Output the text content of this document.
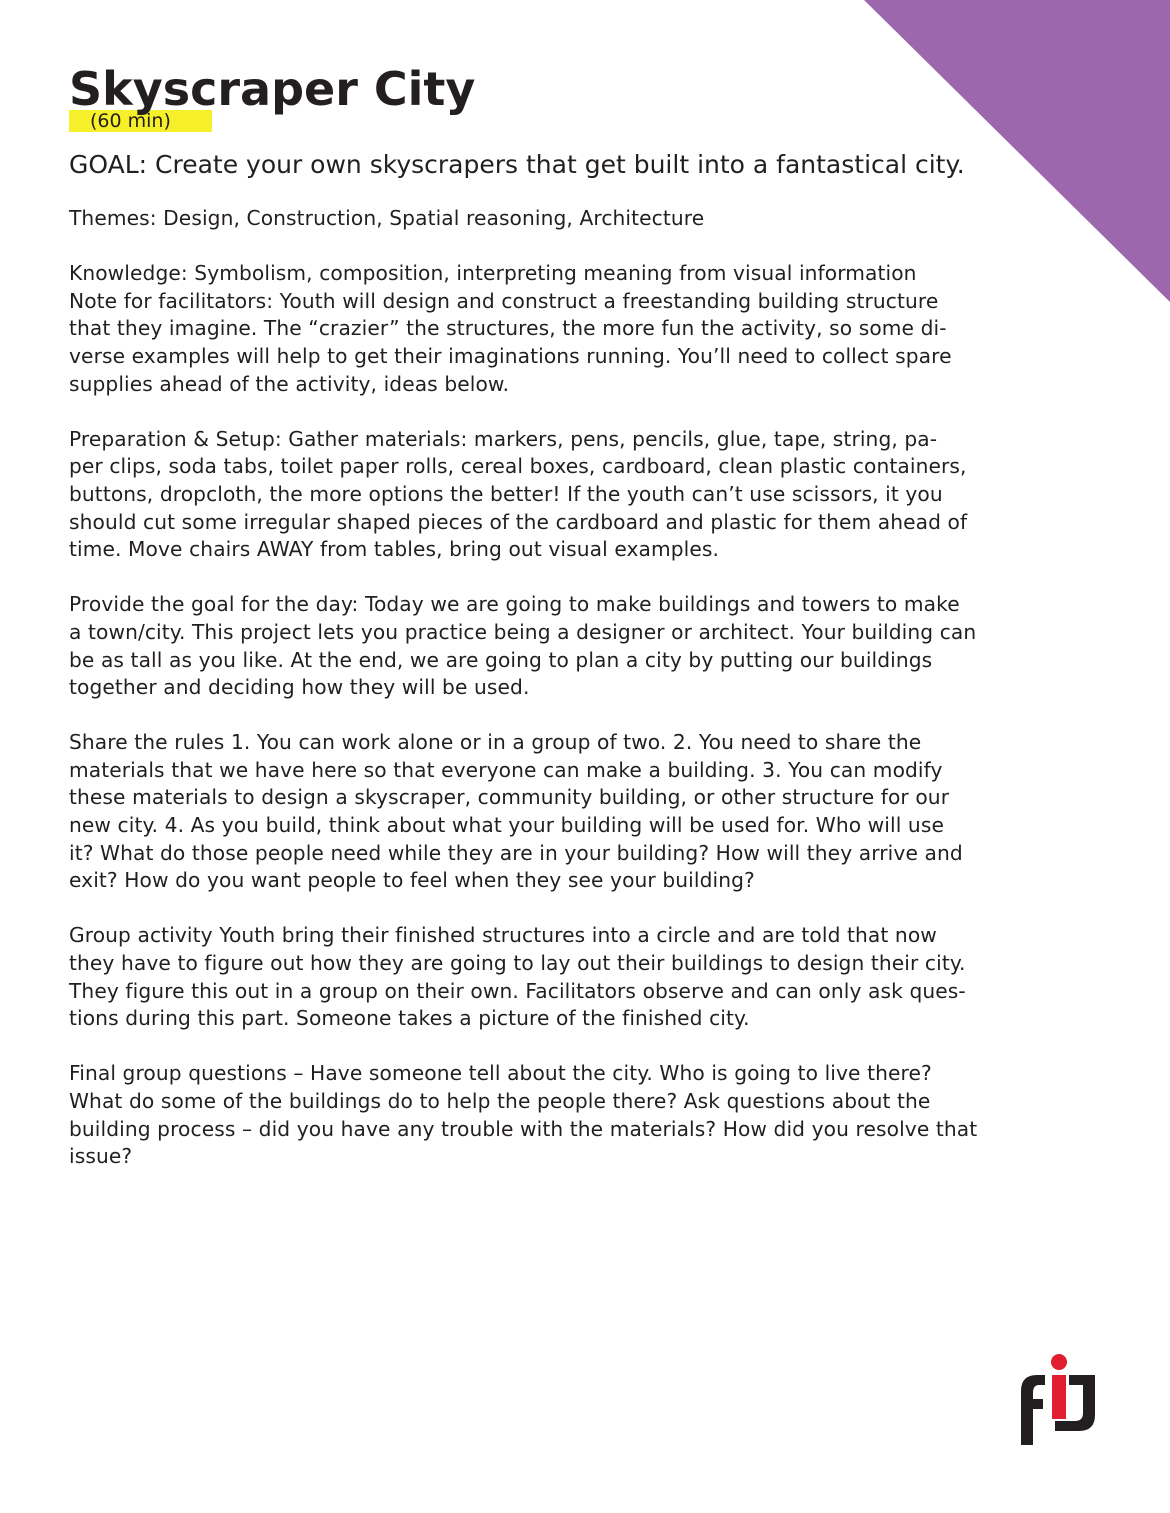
(60 min)
Skyscraper City
GOAL: Create your own skyscrapers that get built into a fantastical city.

Themes: Design, Construction, Spatial reasoning, Architecture

Knowledge: Symbolism, composition, interpreting meaning from visual information
Note for facilitators: Youth will design and construct a freestanding building structure
that they imagine. The “crazier” the structures, the more fun the activity, so some di-
verse examples will help to get their imaginations running. You’ll need to collect spare
supplies ahead of the activity, ideas below.

Preparation & Setup: Gather materials: markers, pens, pencils, glue, tape, string, pa-
per clips, soda tabs, toilet paper rolls, cereal boxes, cardboard, clean plastic containers,
buttons, dropcloth, the more options the better! If the youth can’t use scissors, it you
should cut some irregular shaped pieces of the cardboard and plastic for them ahead of
time. Move chairs AWAY from tables, bring out visual examples.

Provide the goal for the day: Today we are going to make buildings and towers to make
a town/city. This project lets you practice being a designer or architect. Your building can
be as tall as you like. At the end, we are going to plan a city by putting our buildings
together and deciding how they will be used.

Share the rules 1. You can work alone or in a group of two. 2. You need to share the
materials that we have here so that everyone can make a building. 3. You can modify
these materials to design a skyscraper, community building, or other structure for our
new city. 4. As you build, think about what your building will be used for. Who will use
it? What do those people need while they are in your building? How will they arrive and
exit? How do you want people to feel when they see your building?

Group activity Youth bring their finished structures into a circle and are told that now
they have to figure out how they are going to lay out their buildings to design their city.
They figure this out in a group on their own. Facilitators observe and can only ask ques-
tions during this part. Someone takes a picture of the finished city.

Final group questions – Have someone tell about the city. Who is going to live there?
What do some of the buildings do to help the people there? Ask questions about the
building process – did you have any trouble with the materials? How did you resolve that
issue?
